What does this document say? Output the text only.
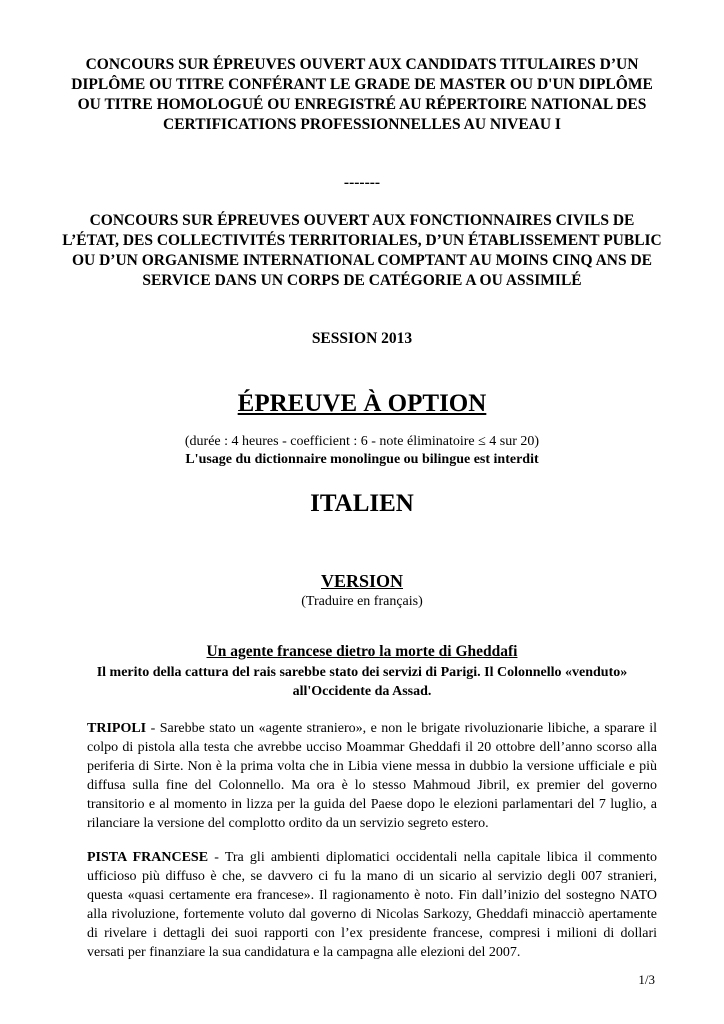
CONCOURS SUR ÉPREUVES OUVERT AUX CANDIDATS TITULAIRES D’UN DIPLÔME OU TITRE CONFÉRANT LE GRADE DE MASTER OU D'UN DIPLÔME OU TITRE HOMOLOGUÉ OU ENREGISTRÉ AU RÉPERTOIRE NATIONAL DES CERTIFICATIONS PROFESSIONNELLES AU NIVEAU I
-------
CONCOURS SUR ÉPREUVES OUVERT AUX FONCTIONNAIRES CIVILS DE L’ÉTAT, DES COLLECTIVITÉS TERRITORIALES, D’UN ÉTABLISSEMENT PUBLIC OU D’UN ORGANISME INTERNATIONAL COMPTANT AU MOINS CINQ ANS DE SERVICE DANS UN CORPS DE CATÉGORIE A OU ASSIMILÉ
SESSION 2013
ÉPREUVE À OPTION
(durée : 4 heures - coefficient : 6 - note éliminatoire ≤ 4 sur 20)
L'usage du dictionnaire monolingue ou bilingue est interdit
ITALIEN
VERSION
(Traduire en français)
Un agente francese dietro la morte di Gheddafi
Il merito della cattura del rais sarebbe stato dei servizi di Parigi. Il Colonnello «venduto» all'Occidente da Assad.
TRIPOLI - Sarebbe stato un «agente straniero», e non le brigate rivoluzionarie libiche, a sparare il colpo di pistola alla testa che avrebbe ucciso Moammar Gheddafi il 20 ottobre dell’anno scorso alla periferia di Sirte. Non è la prima volta che in Libia viene messa in dubbio la versione ufficiale e più diffusa sulla fine del Colonnello. Ma ora è lo stesso Mahmoud Jibril, ex premier del governo transitorio e al momento in lizza per la guida del Paese dopo le elezioni parlamentari del 7 luglio, a rilanciare la versione del complotto ordito da un servizio segreto estero.
PISTA FRANCESE - Tra gli ambienti diplomatici occidentali nella capitale libica il commento ufficioso più diffuso è che, se davvero ci fu la mano di un sicario al servizio degli 007 stranieri, questa «quasi certamente era francese». Il ragionamento è noto. Fin dall’inizio del sostegno NATO alla rivoluzione, fortemente voluto dal governo di Nicolas Sarkozy, Gheddafi minacciò apertamente di rivelare i dettagli dei suoi rapporti con l’ex presidente francese, compresi i milioni di dollari versati per finanziare la sua candidatura e la campagna alle elezioni del 2007.
1/3
